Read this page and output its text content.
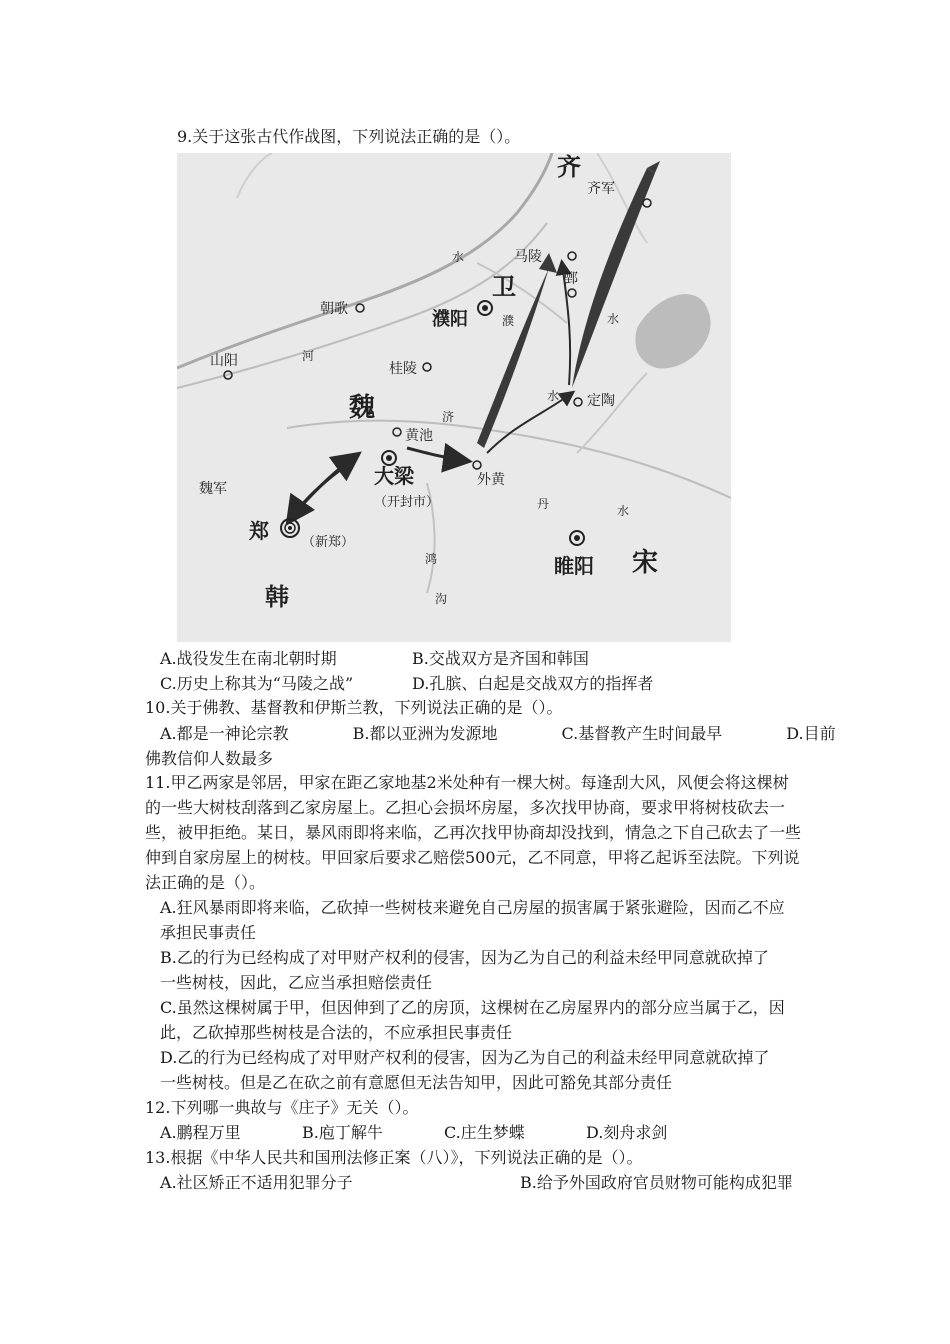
9.关于这张古代作战图，下列说法正确的是（）。
齐
齐军
水	马陵
卫	鄄
朝歌	濮阳	濮	水
山阳	河
桂陵
魏	济
水 定陶
黄池
魏军
大梁
（开封市）
外黄
丹	水
郑	（新郑）
鸿
沟
睢阳 宋
韩
A.战役发生在南北朝时期	B.交战双方是齐国和韩国
C.历史上称其为“马陵之战”	D.孔膑、白起是交战双方的指挥者
10.关于佛教、基督教和伊斯兰教，下列说法正确的是（）。
A.都是一神论宗教　　　　B.都以亚洲为发源地　　　　C.基督教产生时间最早　　　　D.目前
佛教信仰人数最多
11.甲乙两家是邻居，甲家在距乙家地基2米处种有一棵大树。每逢刮大风，风便会将这棵树
的一些大树枝刮落到乙家房屋上。乙担心会损坏房屋，多次找甲协商，要求甲将树枝砍去一
些，被甲拒绝。某日，暴风雨即将来临，乙再次找甲协商却没找到，情急之下自己砍去了一些
伸到自家房屋上的树枝。甲回家后要求乙赔偿500元，乙不同意，甲将乙起诉至法院。下列说
法正确的是（）。
A.狂风暴雨即将来临，乙砍掉一些树枝来避免自己房屋的损害属于紧张避险，因而乙不应
承担民事责任
B.乙的行为已经构成了对甲财产权利的侵害，因为乙为自己的利益未经甲同意就砍掉了
一些树枝，因此，乙应当承担赔偿责任
C.虽然这棵树属于甲，但因伸到了乙的房顶，这棵树在乙房屋界内的部分应当属于乙，因
此，乙砍掉那些树枝是合法的，不应承担民事责任
D.乙的行为已经构成了对甲财产权利的侵害，因为乙为自己的利益未经甲同意就砍掉了
一些树枝。但是乙在砍之前有意愿但无法告知甲，因此可豁免其部分责任
12.下列哪一典故与《庄子》无关（）。
A.鹏程万里	B.庖丁解牛	C.庄生梦蝶	D.刻舟求剑
13.根据《中华人民共和国刑法修正案（八）》，下列说法正确的是（）。
A.社区矫正不适用犯罪分子	B.给予外国政府官员财物可能构成犯罪
